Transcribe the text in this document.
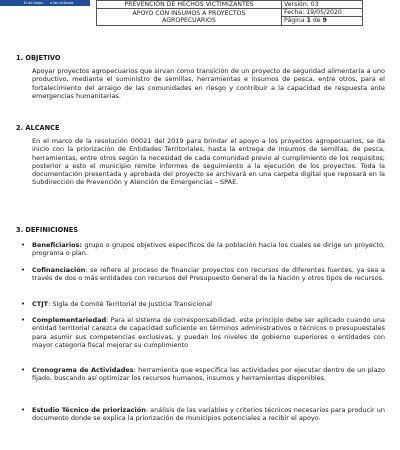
El de todos a las víctimas	PREVENCIÓN DE HECHOS VICTIMIZANTES	Versión: 03
APOYO CON INSUMOS A PROYECTOS
AGROPECUARIOS	Fecha: 19/05/2020
	Página 1 de 9
1. OBJETIVO
Apoyar proyectos agropecuarios que sirvan como transición de un proyecto de seguridad alimentaria a uno productivo, mediante el suministro de semillas, herramientas e insumos de pesca, entre otros, para el fortalecimiento del arraigo de las comunidades en riesgo y contribuir a la capacidad de respuesta ante emergencias humanitarias.
2. ALCANCE
En el marco de la resolución 00021 del 2019 para brindar el apoyo a los proyectos agropecuarios, se da inicio con la priorización de Entidades Territoriales, hasta la entrega de insumos de semillas, de pesca, herramientas, entre otros según la necesidad de cada comunidad previo al cumplimiento de los requisitos; posterior a esto el municipio remite informes de seguimiento a la ejecución de los proyectos. Toda la documentación presentada y aprobada del proyecto se archivará en una carpeta digital que reposará en la Subdirección de Prevención y Atención de Emergencias – SPAE.
3. DEFINICIONES
• Beneficiarios: grupo o grupos objetivos específicos de la población hacia los cuales se dirige un proyecto, programa o plan.
• Cofinanciación: se refiere al proceso de financiar proyectos con recursos de diferentes fuentes, ya sea a través de dos o más entidades con recursos del Presupuesto General de la Nación y otros tipos de recursos.
• CTJT: Sigla de Comité Territorial de Justicia Transicional
• Complementariedad: Para el sistema de corresponsabilidad, este principio debe ser aplicado cuando una entidad territorial carezca de capacidad suficiente en términos administrativos o técnicos o presupuestales para asumir sus competencias exclusivas, y puedan los niveles de gobierno superiores o entidades con mayor categoría fiscal mejorar su cumplimiento
• Cronograma de Actividades: herramienta que especifica las actividades por ejecutar dentro de un plazo fijado, buscando así optimizar los recursos humanos, insumos y herramientas disponibles.
• Estudio Técnico de priorización: análisis de las variables y criterios técnicos necesarios para producir un documento donde se explica la priorización de municipios potenciales a recibir el apoyo.
